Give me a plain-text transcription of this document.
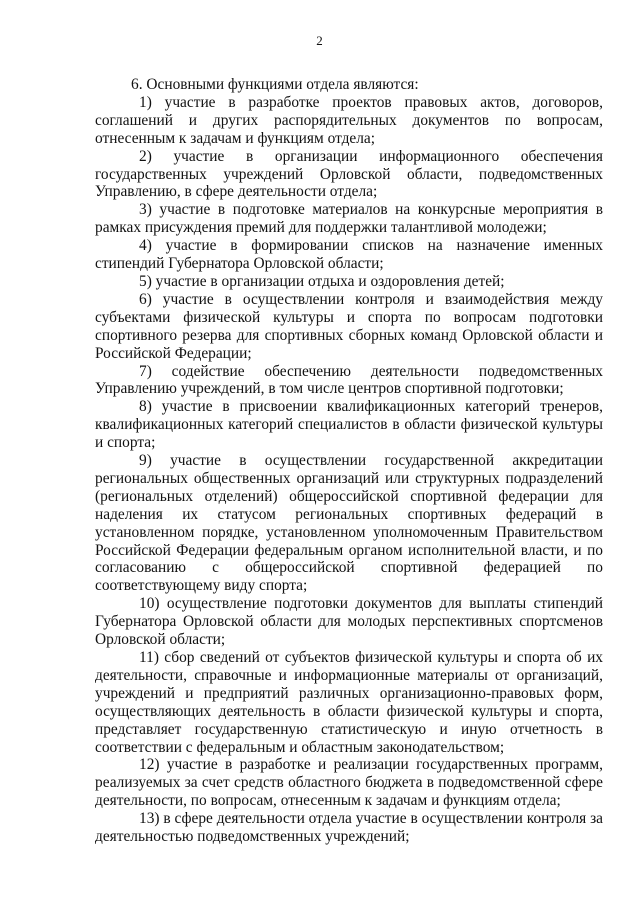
2

6. Основными функциями отдела являются:

1) участие в разработке проектов правовых актов, договоров, соглашений и других распорядительных документов по вопросам, отнесенным к задачам и функциям отдела;

2) участие в организации информационного обеспечения государственных учреждений Орловской области, подведомственных Управлению, в сфере деятельности отдела;

3) участие в подготовке материалов на конкурсные мероприятия в рамках присуждения премий для поддержки талантливой молодежи;

4) участие в формировании списков на назначение именных стипендий Губернатора Орловской области;

5) участие в организации отдыха и оздоровления детей;

6) участие в осуществлении контроля и взаимодействия между субъектами физической культуры и спорта по вопросам подготовки спортивного резерва для спортивных сборных команд Орловской области и Российской Федерации;

7) содействие обеспечению деятельности подведомственных Управлению учреждений, в том числе центров спортивной подготовки;

8) участие в присвоении квалификационных категорий тренеров, квалификационных категорий специалистов в области физической культуры и спорта;

9) участие в осуществлении государственной аккредитации региональных общественных организаций или структурных подразделений (региональных отделений) общероссийской спортивной федерации для наделения их статусом региональных спортивных федераций в установленном порядке, установленном уполномоченным Правительством Российской Федерации федеральным органом исполнительной власти, и по согласованию с общероссийской спортивной федерацией по соответствующему виду спорта;

10) осуществление подготовки документов для выплаты стипендий Губернатора Орловской области для молодых перспективных спортсменов Орловской области;

11) сбор сведений от субъектов физической культуры и спорта об их деятельности, справочные и информационные материалы от организаций, учреждений и предприятий различных организационно-правовых форм, осуществляющих деятельность в области физической культуры и спорта, представляет государственную статистическую и иную отчетность в соответствии с федеральным и областным законодательством;

12) участие в разработке и реализации государственных программ, реализуемых за счет средств областного бюджета в подведомственной сфере деятельности, по вопросам, отнесенным к задачам и функциям отдела;

13) в сфере деятельности отдела участие в осуществлении контроля за деятельностью подведомственных учреждений;
